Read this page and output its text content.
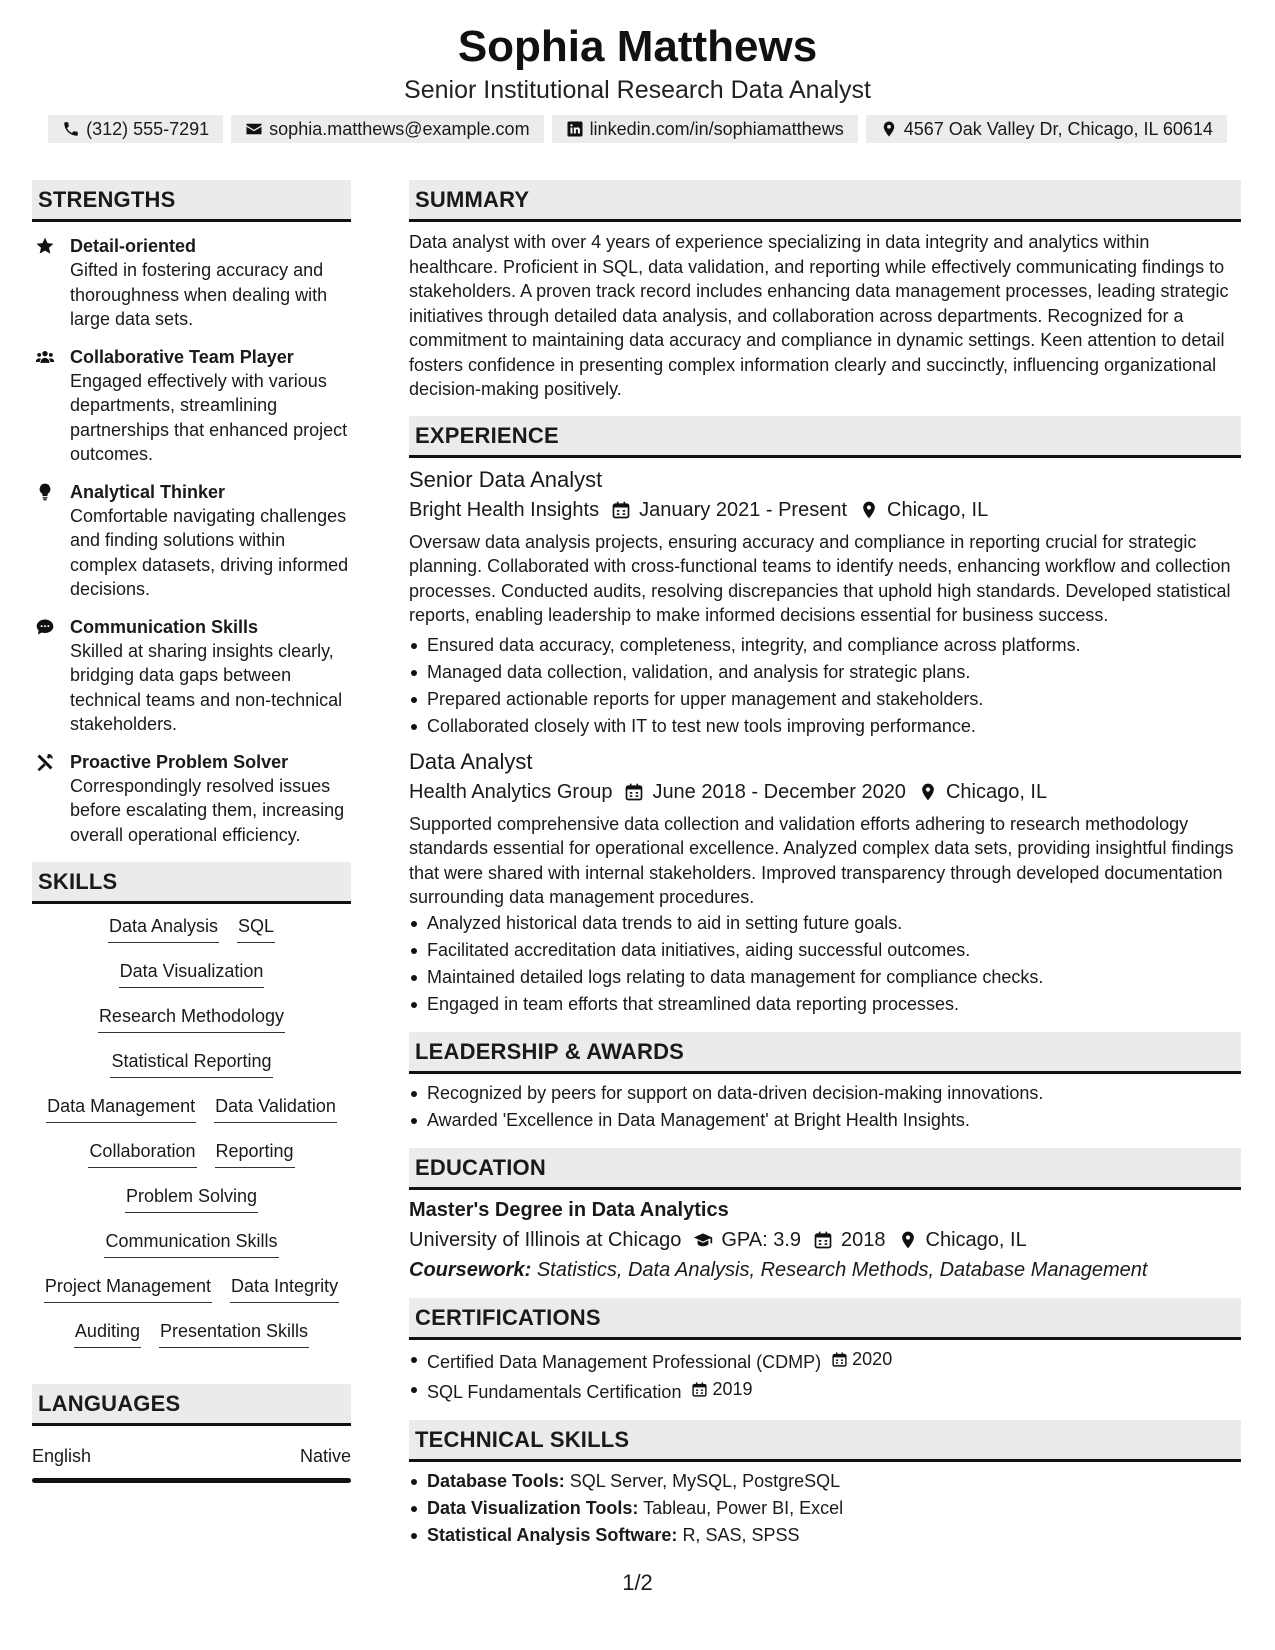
Sophia Matthews
Senior Institutional Research Data Analyst
(312) 555-7291	sophia.matthews@example.com	linkedin.com/in/sophiamatthews	4567 Oak Valley Dr, Chicago, IL 60614
STRENGTHS
Detail-oriented
Gifted in fostering accuracy and thoroughness when dealing with large data sets.
Collaborative Team Player
Engaged effectively with various departments, streamlining partnerships that enhanced project outcomes.
Analytical Thinker
Comfortable navigating challenges and finding solutions within complex datasets, driving informed decisions.
Communication Skills
Skilled at sharing insights clearly, bridging data gaps between technical teams and non-technical stakeholders.
Proactive Problem Solver
Correspondingly resolved issues before escalating them, increasing overall operational efficiency.
SKILLS
Data Analysis SQL
Data Visualization
Research Methodology
Statistical Reporting
Data Management Data Validation
Collaboration Reporting
Problem Solving
Communication Skills
Project Management Data Integrity
Auditing Presentation Skills
LANGUAGES
English	Native
SUMMARY
Data analyst with over 4 years of experience specializing in data integrity and analytics within healthcare. Proficient in SQL, data validation, and reporting while effectively communicating findings to stakeholders. A proven track record includes enhancing data management processes, leading strategic initiatives through detailed data analysis, and collaboration across departments. Recognized for a commitment to maintaining data accuracy and compliance in dynamic settings. Keen attention to detail fosters confidence in presenting complex information clearly and succinctly, influencing organizational decision-making positively.
EXPERIENCE
Senior Data Analyst
Bright Health Insights January 2021 - Present Chicago, IL
Oversaw data analysis projects, ensuring accuracy and compliance in reporting crucial for strategic planning. Collaborated with cross-functional teams to identify needs, enhancing workflow and collection processes. Conducted audits, resolving discrepancies that uphold high standards. Developed statistical reports, enabling leadership to make informed decisions essential for business success.
Ensured data accuracy, completeness, integrity, and compliance across platforms.
Managed data collection, validation, and analysis for strategic plans.
Prepared actionable reports for upper management and stakeholders.
Collaborated closely with IT to test new tools improving performance.
Data Analyst
Health Analytics Group June 2018 - December 2020 Chicago, IL
Supported comprehensive data collection and validation efforts adhering to research methodology standards essential for operational excellence. Analyzed complex data sets, providing insightful findings that were shared with internal stakeholders. Improved transparency through developed documentation surrounding data management procedures.
Analyzed historical data trends to aid in setting future goals.
Facilitated accreditation data initiatives, aiding successful outcomes.
Maintained detailed logs relating to data management for compliance checks.
Engaged in team efforts that streamlined data reporting processes.
LEADERSHIP & AWARDS
Recognized by peers for support on data-driven decision-making innovations.
Awarded 'Excellence in Data Management' at Bright Health Insights.
EDUCATION
Master's Degree in Data Analytics
University of Illinois at Chicago GPA: 3.9 2018 Chicago, IL
Coursework: Statistics, Data Analysis, Research Methods, Database Management
CERTIFICATIONS
Certified Data Management Professional (CDMP) 2020
SQL Fundamentals Certification 2019
TECHNICAL SKILLS
Database Tools: SQL Server, MySQL, PostgreSQL
Data Visualization Tools: Tableau, Power BI, Excel
Statistical Analysis Software: R, SAS, SPSS
1/2
